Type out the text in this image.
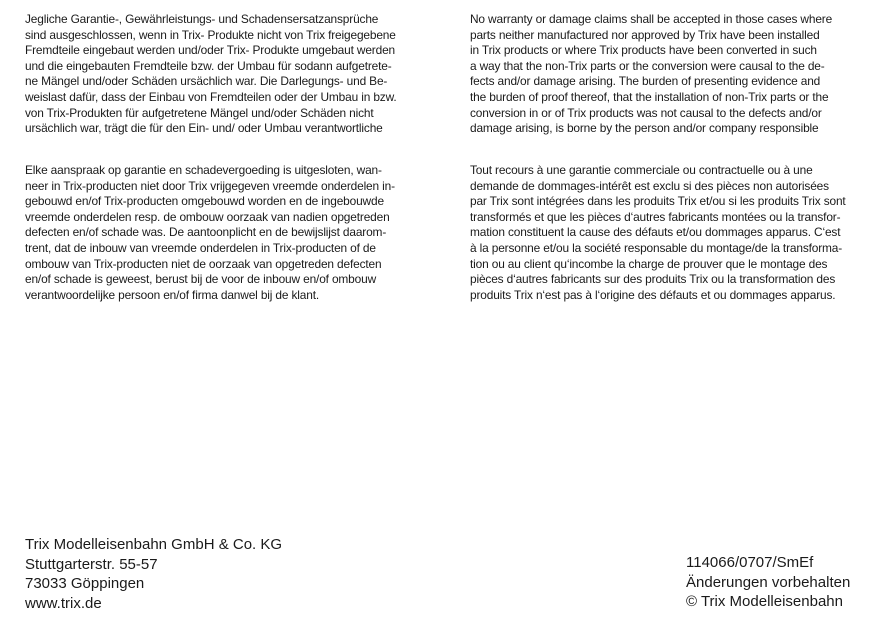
Jegliche Garantie-, Gewährleistungs- und Schadensersatzansprüche
sind ausgeschlossen, wenn in Trix- Produkte nicht von Trix freigegebene
Fremdteile eingebaut werden und/oder Trix- Produkte umgebaut werden
und die eingebauten Fremdteile bzw. der Umbau für sodann aufgetrete-
ne Mängel und/oder Schäden ursächlich war. Die Darlegungs- und Be-
weislast dafür, dass der Einbau von Fremdteilen oder der Umbau in bzw.
von Trix-Produkten für aufgetretene Mängel und/oder Schäden nicht
ursächlich war, trägt die für den Ein- und/ oder Umbau verantwortliche
No warranty or damage claims shall be accepted in those cases where
parts neither manufactured nor approved by Trix have been installed
in Trix products or where Trix products have been converted in such
a way that the non-Trix parts or the conversion were causal to the de-
fects and/or damage arising. The burden of presenting evidence and
the burden of proof thereof, that the installation of non-Trix parts or the
conversion in or of Trix products was not causal to the defects and/or
damage arising, is borne by the person and/or company responsible
Elke aanspraak op garantie en schadevergoeding is uitgesloten, wan-
neer in Trix-producten niet door Trix vrijgegeven vreemde onderdelen in-
gebouwd en/of Trix-producten omgebouwd worden en de ingebouwde
vreemde onderdelen resp. de ombouw oorzaak van nadien opgetreden
defecten en/of schade was. De aantoonplicht en de bewijslijst daarom-
trent, dat de inbouw van vreemde onderdelen in Trix-producten of de
ombouw van Trix-producten niet de oorzaak van opgetreden defecten
en/of schade is geweest, berust bij de voor de inbouw en/of ombouw
verantwoordelijke persoon en/of firma danwel bij de klant.
Tout recours à une garantie commerciale ou contractuelle ou à une
demande de dommages-intérêt est exclu si des pièces non autorisées
par Trix sont intégrées dans les produits Trix et/ou si les produits Trix sont
transformés et que les pièces d‘autres fabricants montées ou la transfor-
mation constituent la cause des défauts et/ou dommages apparus. C‘est
à la personne et/ou la société responsable du montage/de la transforma-
tion ou au client qu‘incombe la charge de prouver que le montage des
pièces d‘autres fabricants sur des produits Trix ou la transformation des
produits Trix n‘est pas à l‘origine des défauts et ou dommages apparus.
Trix Modelleisenbahn GmbH & Co. KG
Stuttgarterstr. 55-57
73033 Göppingen
www.trix.de
114066/0707/SmEf
Änderungen vorbehalten
© Trix Modelleisenbahn
